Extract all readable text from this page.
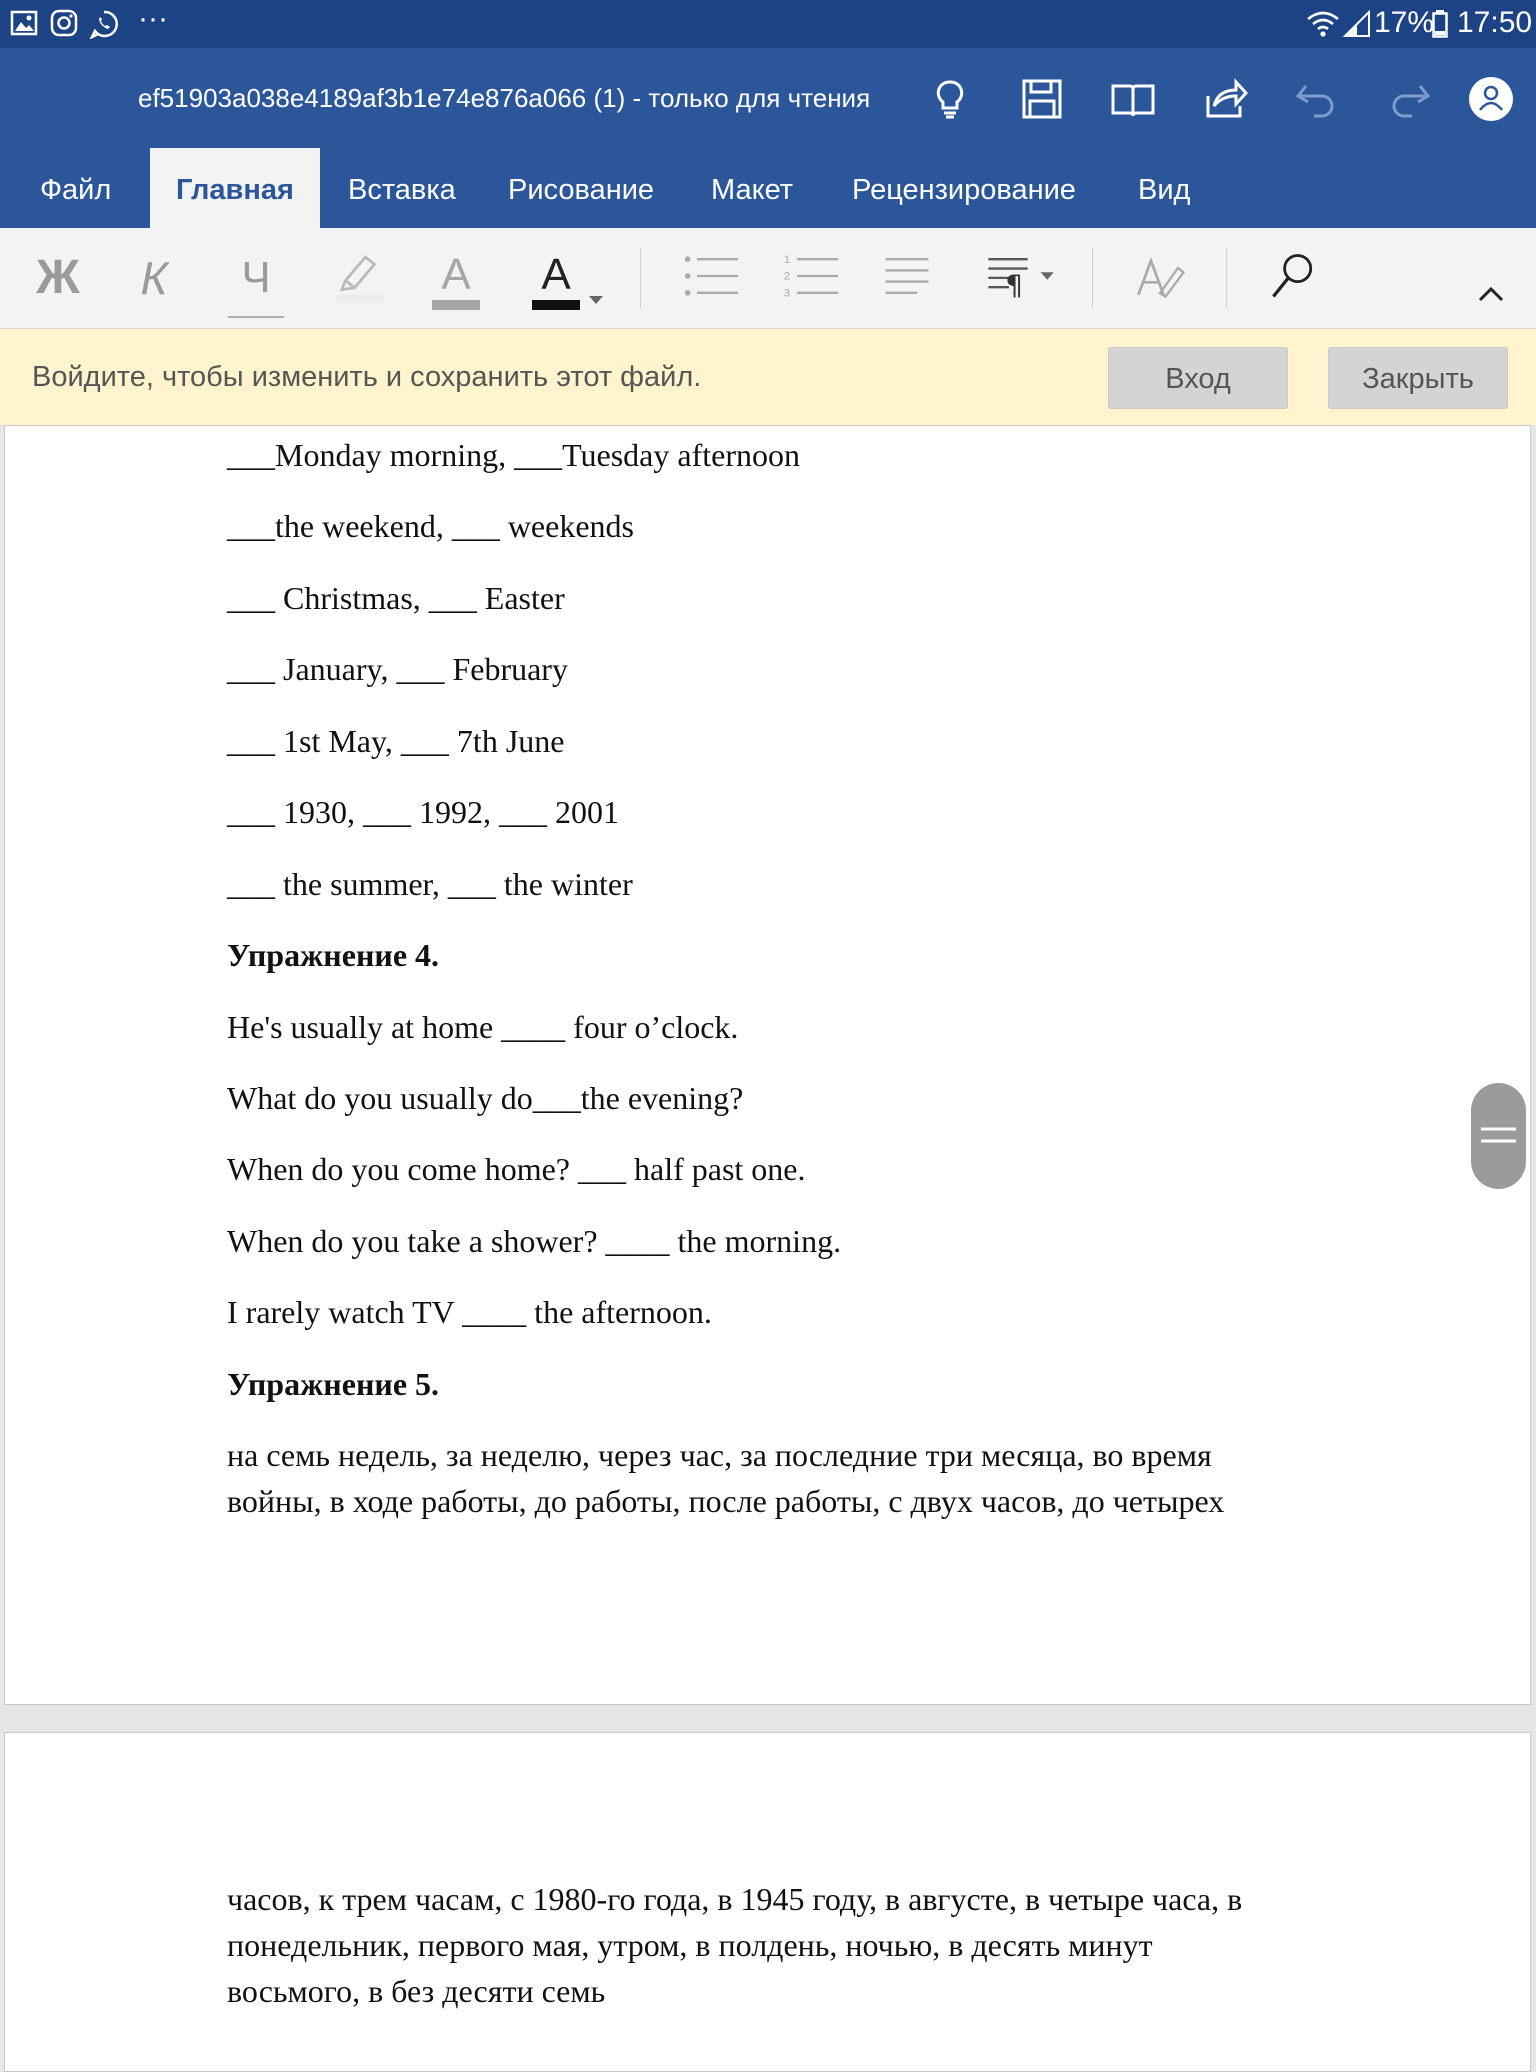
···	17% 17:50
ef51903a038e4189af3b1e74e876a066 (1) - только для чтения
Файл	Главная	Вставка Рисование Макет Рецензирование Вид
Ж	К	Ч	А А	1
2
3	¶
Войдите, чтобы изменить и сохранить этот файл.	Вход	Закрыть
___Monday morning, ___Tuesday afternoon
___the weekend, ___ weekends
___ Christmas, ___ Easter
___ January, ___ February
___ 1st May, ___ 7th June
___ 1930, ___ 1992, ___ 2001
___ the summer, ___ the winter
Упражнение 4.
He's usually at home ____ four o’clock.
What do you usually do___the evening?
When do you come home? ___ half past one.
When do you take a shower? ____ the morning.
I rarely watch TV ____ the afternoon.
Упражнение 5.
на семь недель, за неделю, через час, за последние три месяца, во время
войны, в ходе работы, до работы, после работы, с двух часов, до четырех
часов, к трем часам, с 1980-го года, в 1945 году, в августе, в четыре часа, в
понедельник, первого мая, утром, в полдень, ночью, в десять минут
восьмого, в без десяти семь
